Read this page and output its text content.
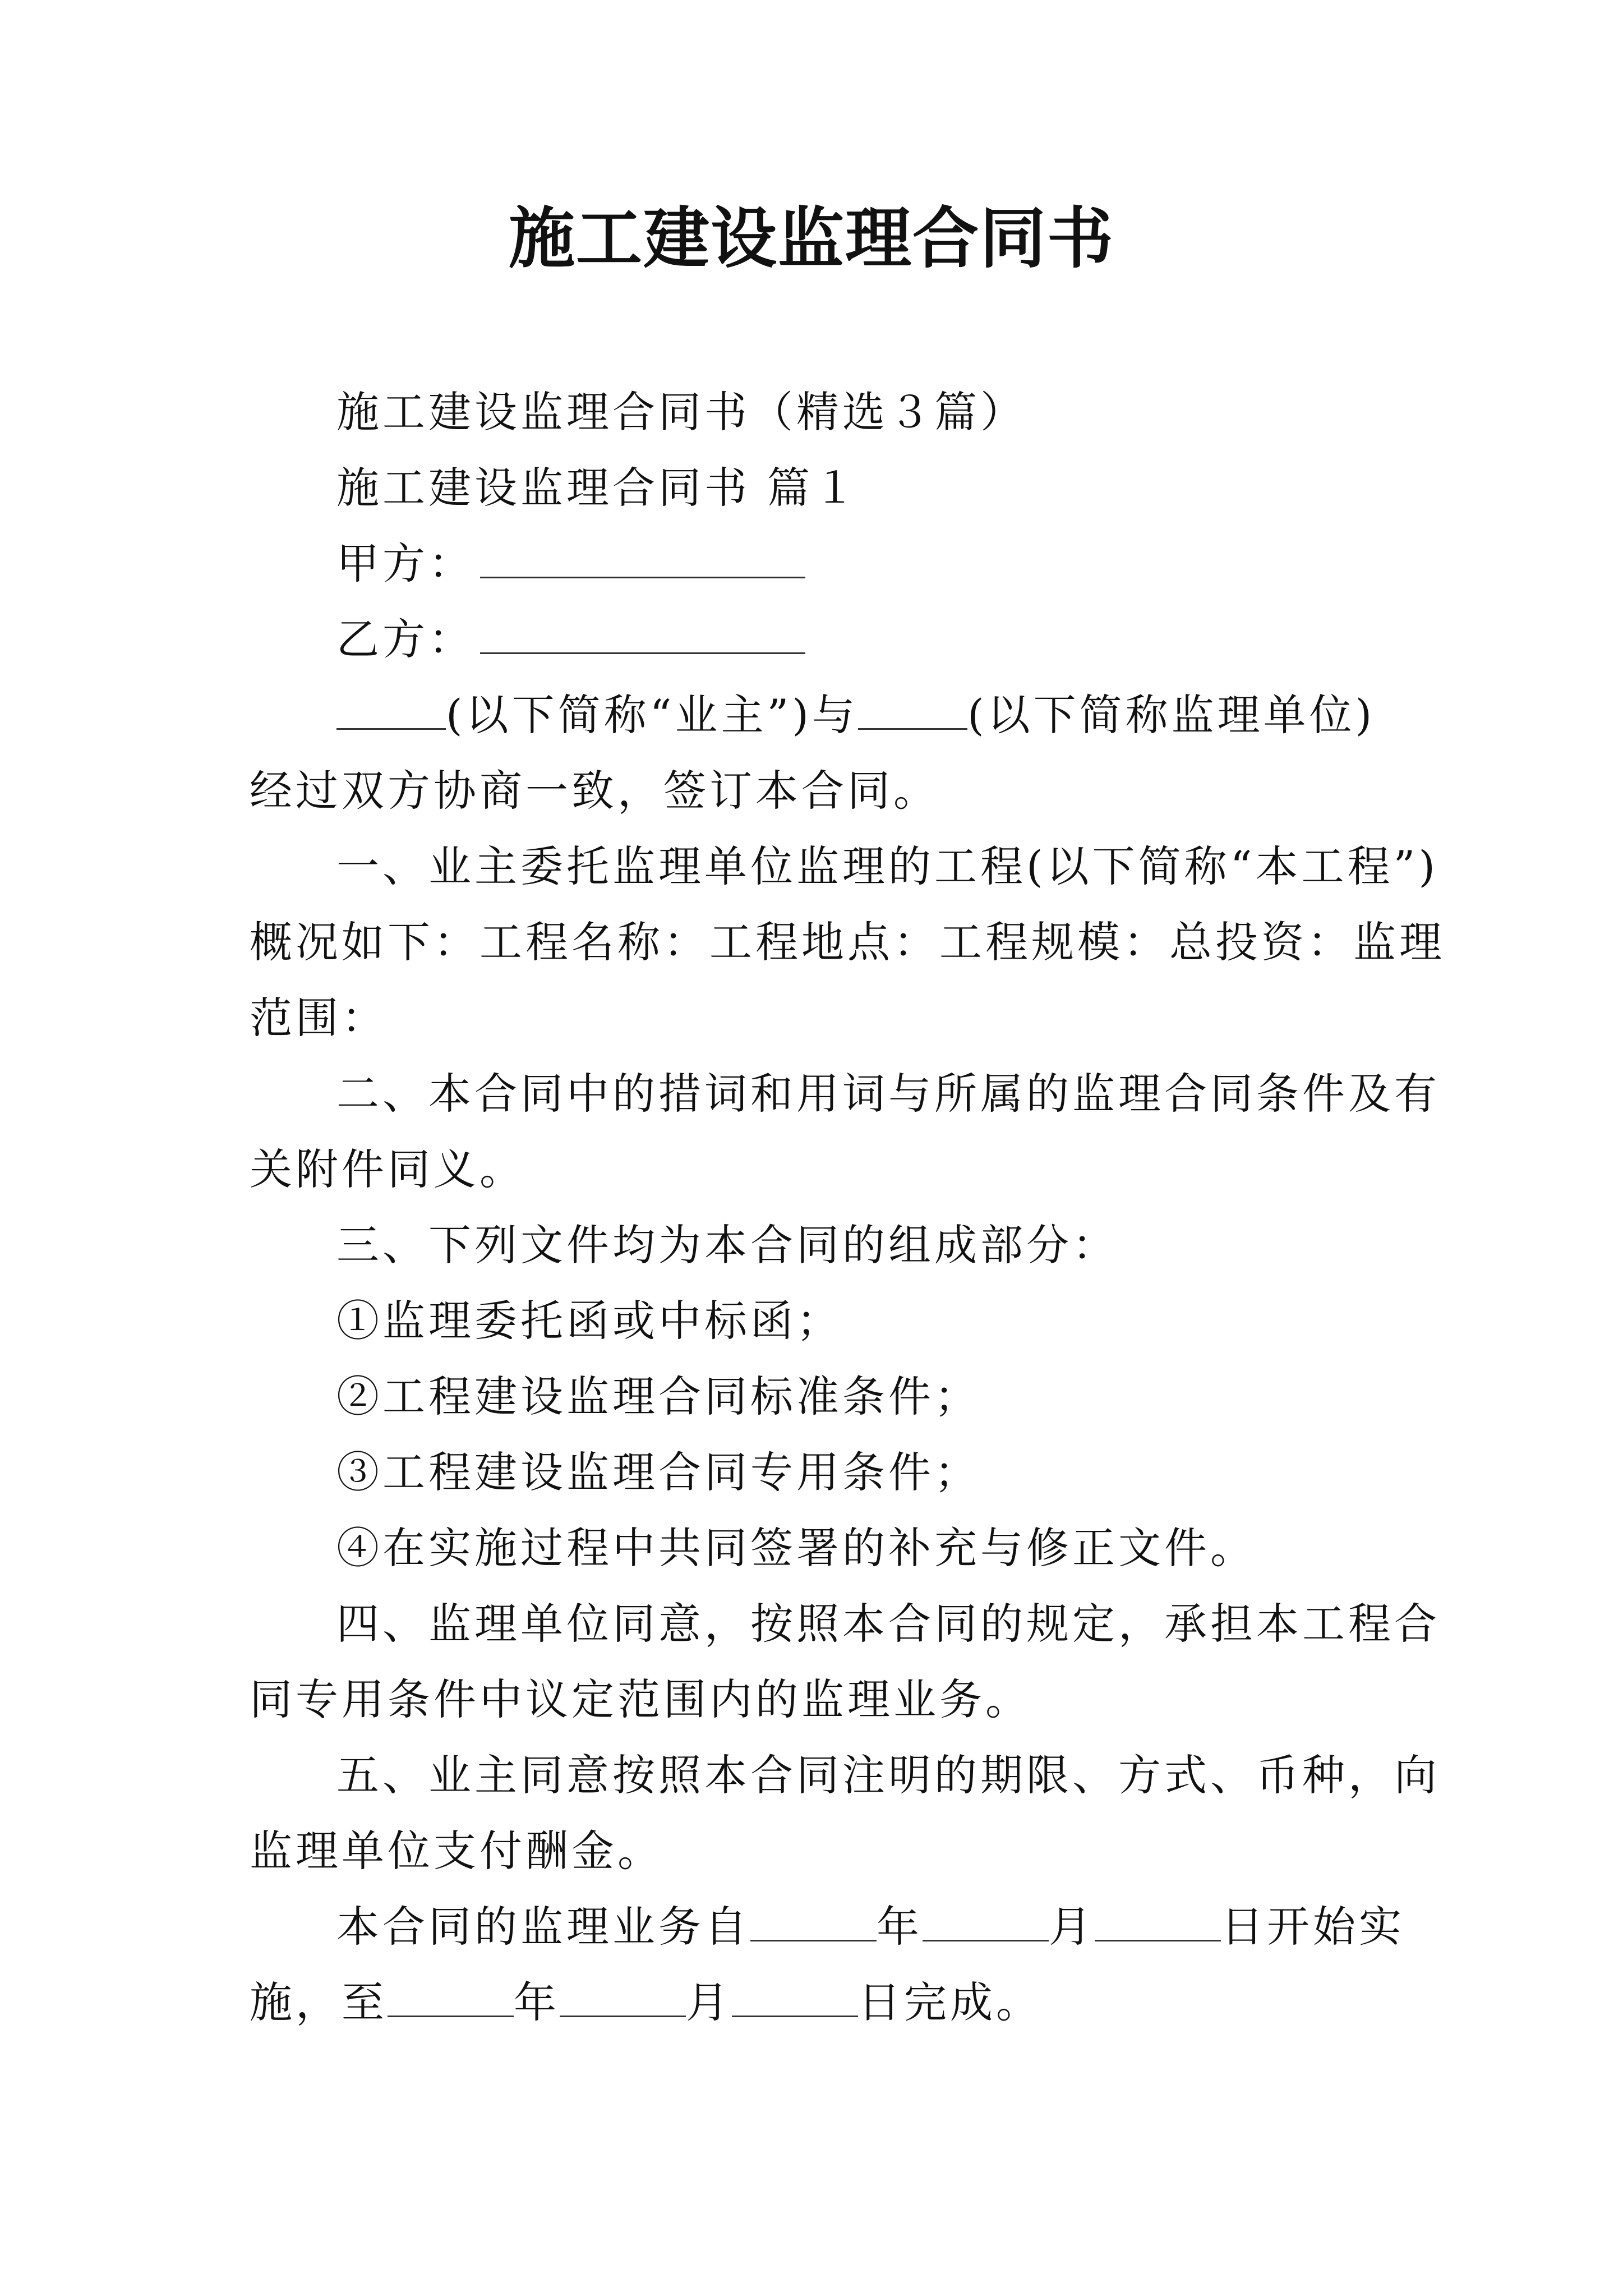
施工建设监理合同书
施工建设监理合同书（精选３篇）
施工建设监理合同书 篇１
甲方：
乙方：
(以下简称“业主”)与	(以下简称监理单位)
经过双方协商一致，签订本合同。
一、业主委托监理单位监理的工程(以下简称“本工程”)
概况如下：工程名称：工程地点：工程规模：总投资：监理
范围：
二、本合同中的措词和用词与所属的监理合同条件及有
关附件同义。
三、下列文件均为本合同的组成部分：
①监理委托函或中标函；
②工程建设监理合同标准条件；
③工程建设监理合同专用条件；
④在实施过程中共同签署的补充与修正文件。
四、监理单位同意，按照本合同的规定，承担本工程合
同专用条件中议定范围内的监理业务。
五、业主同意按照本合同注明的期限、方式、币种，向
监理单位支付酬金。
本合同的监理业务自	年	月	日开始实
施，至	年	月	日完成。
